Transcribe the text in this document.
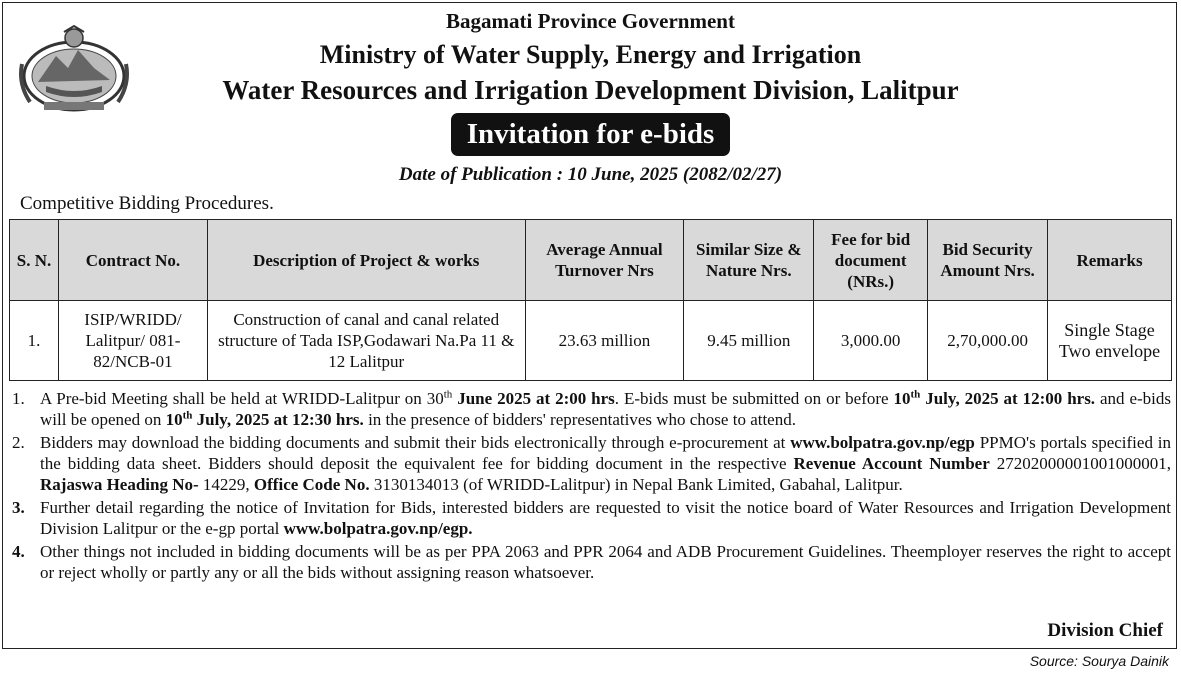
Bagamati Province Government
Ministry of Water Supply, Energy and Irrigation
Water Resources and Irrigation Development Division, Lalitpur
Invitation for e-bids
Date of Publication : 10 June, 2025 (2082/02/27)
Competitive Bidding Procedures.
S. N.	Contract No.	Description of Project & works	Average Annual Turnover Nrs	Similar Size & Nature Nrs.	Fee for bid document (NRs.)	Bid Security Amount Nrs.	Remarks
1.	ISIP/WRIDD/ Lalitpur/ 081-82/NCB-01	Construction of canal and canal related structure of Tada ISP,Godawari Na.Pa 11 & 12 Lalitpur	23.63 million	9.45 million	3,000.00	2,70,000.00	Single Stage Two envelope
1. A Pre-bid Meeting shall be held at WRIDD-Lalitpur on 30th June 2025 at 2:00 hrs. E-bids must be submitted on or before 10th July, 2025 at 12:00 hrs. and e-bids will be opened on 10th July, 2025 at 12:30 hrs. in the presence of bidders' representatives who chose to attend.
2. Bidders may download the bidding documents and submit their bids electronically through e-procurement at www.bolpatra.gov.np/egp PPMO's portals specified in the bidding data sheet. Bidders should deposit the equivalent fee for bidding document in the respective Revenue Account Number 27202000001001000001, Rajaswa Heading No- 14229, Office Code No. 3130134013 (of WRIDD-Lalitpur) in Nepal Bank Limited, Gabahal, Lalitpur.
3. Further detail regarding the notice of Invitation for Bids, interested bidders are requested to visit the notice board of Water Resources and Irrigation Development Division Lalitpur or the e-gp portal www.bolpatra.gov.np/egp.
4. Other things not included in bidding documents will be as per PPA 2063 and PPR 2064 and ADB Procurement Guidelines. Theemployer reserves the right to accept or reject wholly or partly any or all the bids without assigning reason whatsoever.
Division Chief
Source: Sourya Dainik
